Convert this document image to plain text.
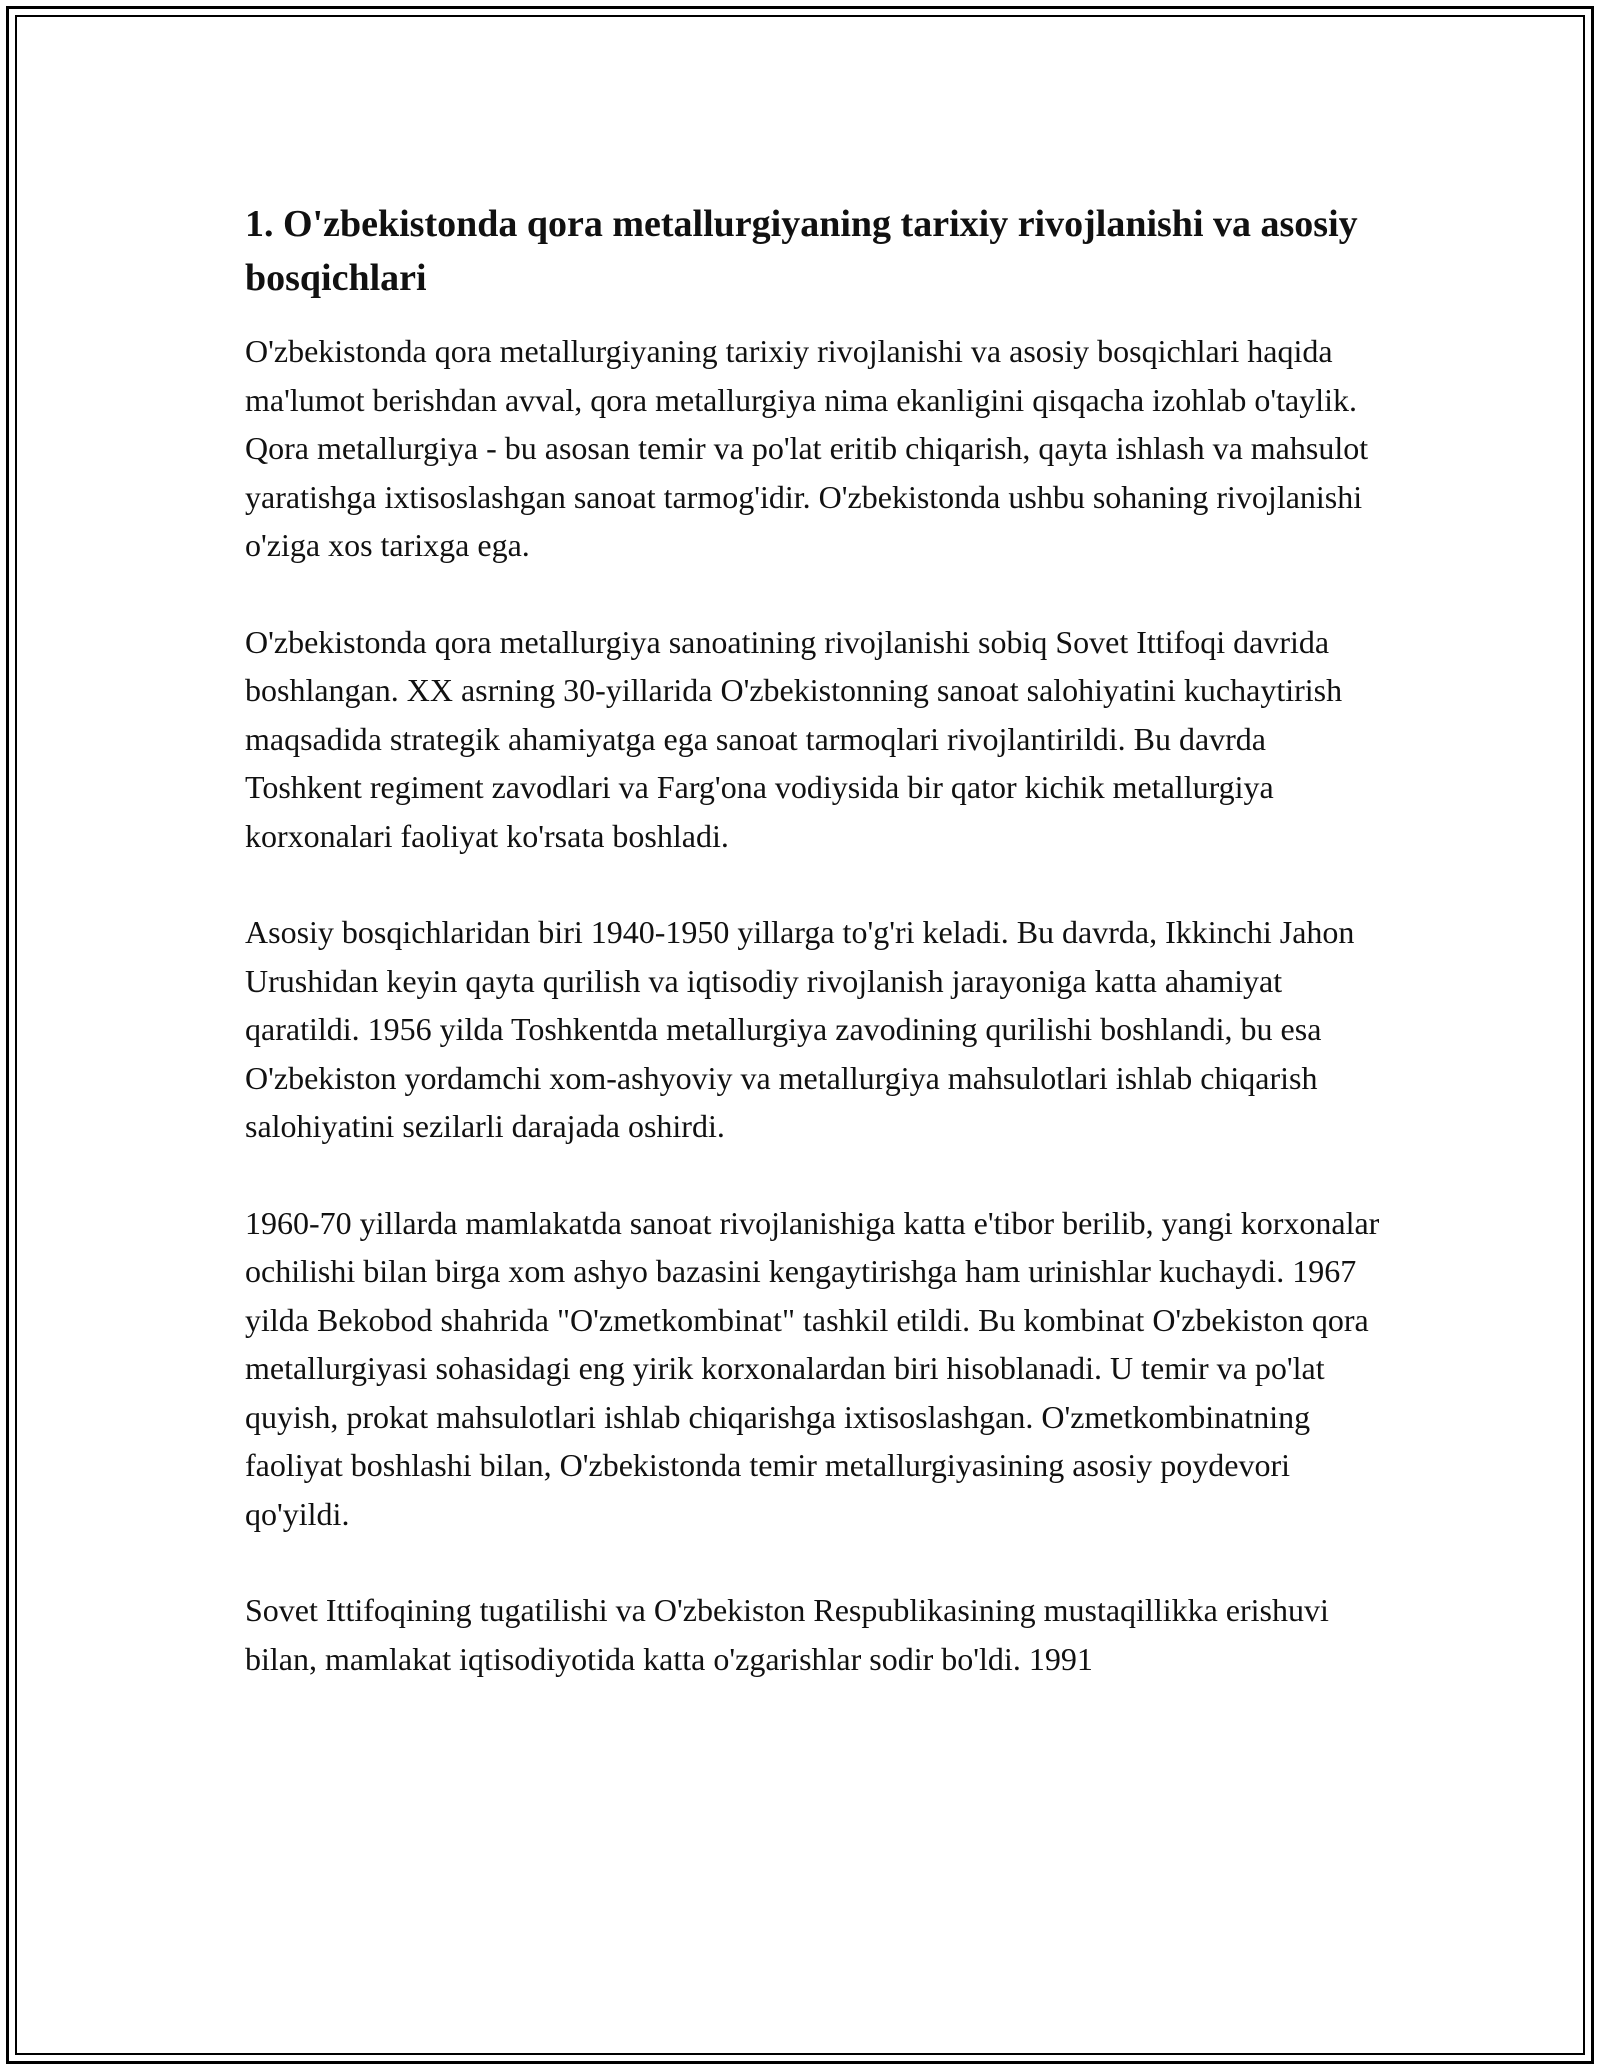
1. O'zbekistonda qora metallurgiyaning tarixiy rivojlanishi va asosiy bosqichlari

O'zbekistonda qora metallurgiyaning tarixiy rivojlanishi va asosiy bosqichlari haqida ma'lumot berishdan avval, qora metallurgiya nima ekanligini qisqacha izohlab o'taylik. Qora metallurgiya - bu asosan temir va po'lat eritib chiqarish, qayta ishlash va mahsulot yaratishga ixtisoslashgan sanoat tarmog'idir. O'zbekistonda ushbu sohaning rivojlanishi o'ziga xos tarixga ega.

O'zbekistonda qora metallurgiya sanoatining rivojlanishi sobiq Sovet Ittifoqi davrida boshlangan. XX asrning 30-yillarida O'zbekistonning sanoat salohiyatini kuchaytirish maqsadida strategik ahamiyatga ega sanoat tarmoqlari rivojlantirildi. Bu davrda Toshkent regiment zavodlari va Farg'ona vodiysida bir qator kichik metallurgiya korxonalari faoliyat ko'rsata boshladi.

Asosiy bosqichlaridan biri 1940-1950 yillarga to'g'ri keladi. Bu davrda, Ikkinchi Jahon Urushidan keyin qayta qurilish va iqtisodiy rivojlanish jarayoniga katta ahamiyat qaratildi. 1956 yilda Toshkentda metallurgiya zavodining qurilishi boshlandi, bu esa O'zbekiston yordamchi xom-ashyoviy va metallurgiya mahsulotlari ishlab chiqarish salohiyatini sezilarli darajada oshirdi.

1960-70 yillarda mamlakatda sanoat rivojlanishiga katta e'tibor berilib, yangi korxonalar ochilishi bilan birga xom ashyo bazasini kengaytirishga ham urinishlar kuchaydi. 1967 yilda Bekobod shahrida "O'zmetkombinat" tashkil etildi. Bu kombinat O'zbekiston qora metallurgiyasi sohasidagi eng yirik korxonalardan biri hisoblanadi. U temir va po'lat quyish, prokat mahsulotlari ishlab chiqarishga ixtisoslashgan. O'zmetkombinatning faoliyat boshlashi bilan, O'zbekistonda temir metallurgiyasining asosiy poydevori qo'yildi.

Sovet Ittifoqining tugatilishi va O'zbekiston Respublikasining mustaqillikka erishuvi bilan, mamlakat iqtisodiyotida katta o'zgarishlar sodir bo'ldi. 1991
